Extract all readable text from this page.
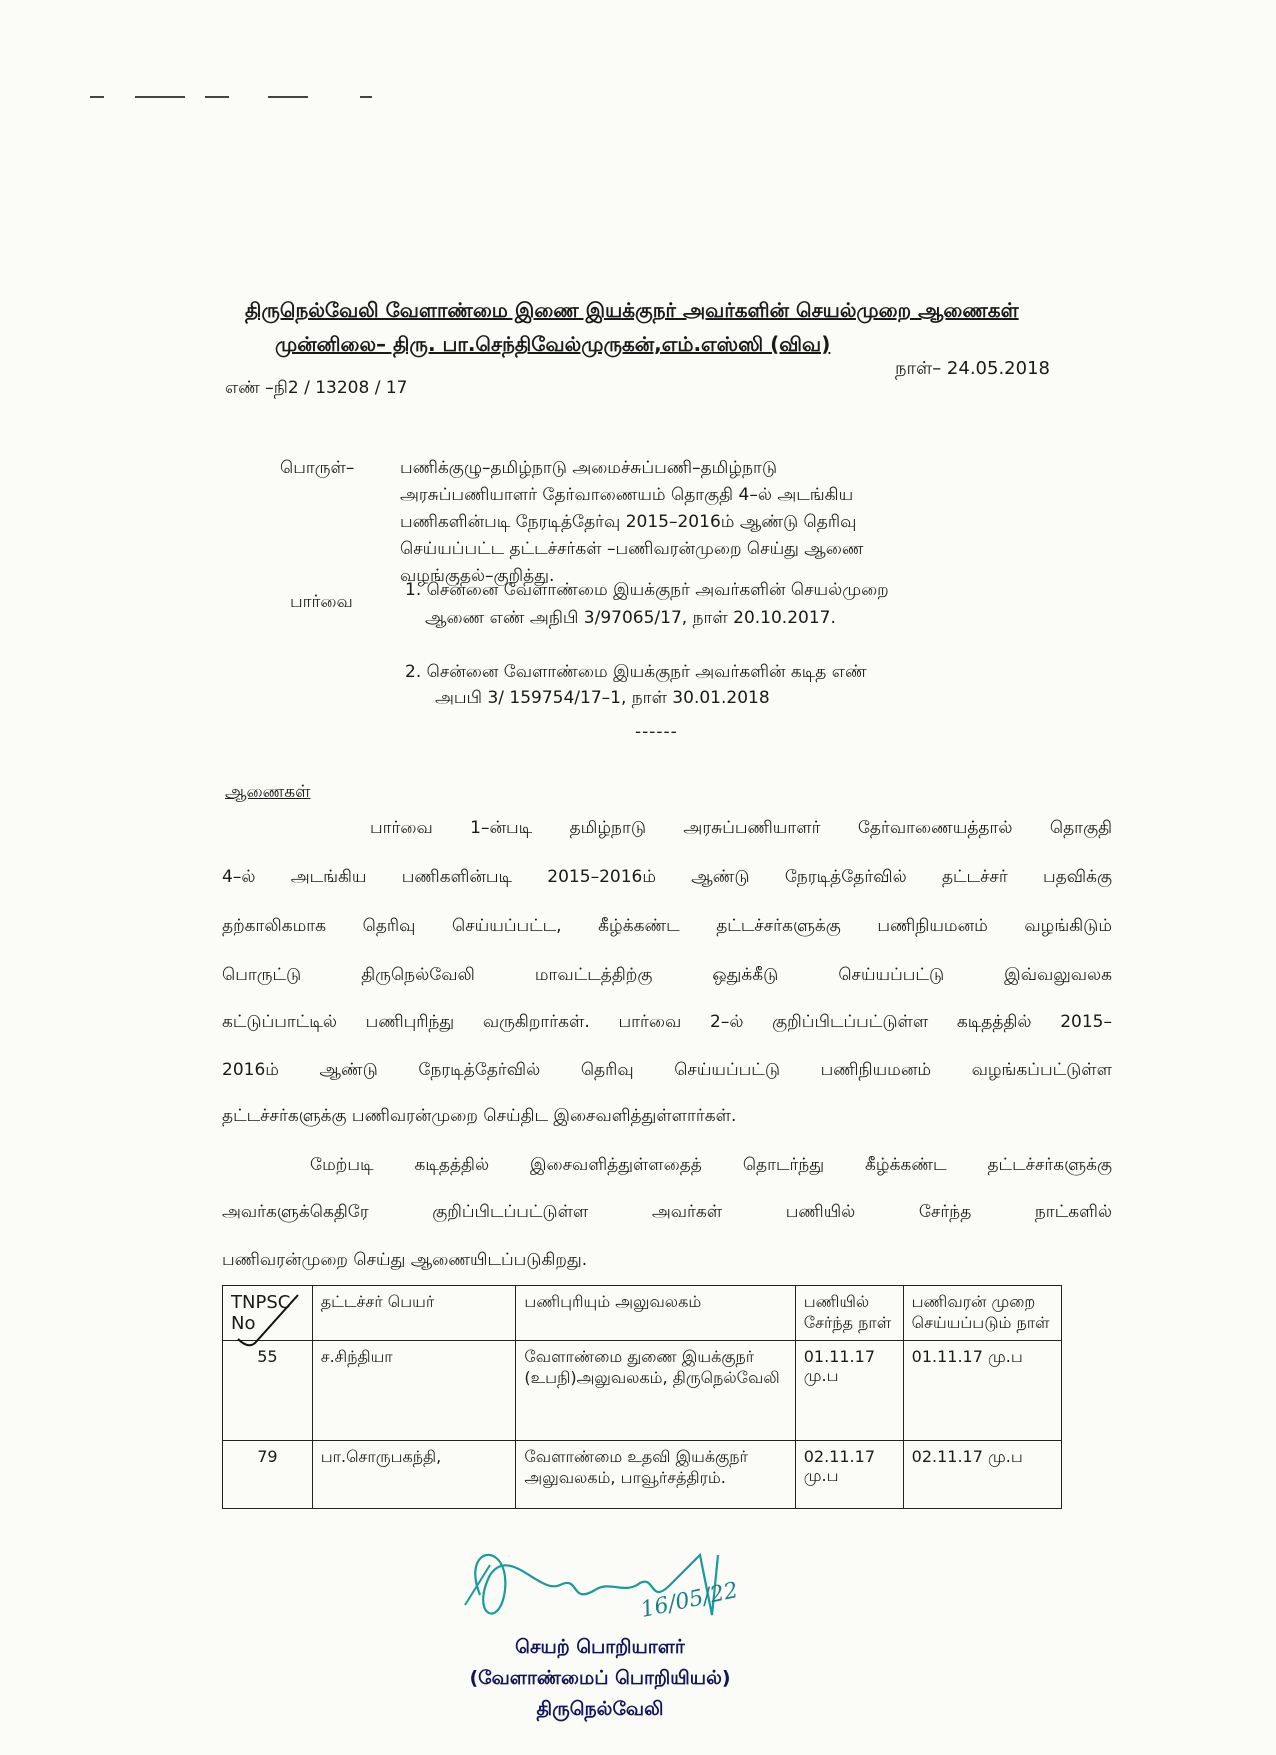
திருநெல்வேலி வேளாண்மை இணை இயக்குநர் அவர்களின் செயல்முறை ஆணைகள்
முன்னிலை– திரு. பா.செந்திவேல்முருகன்,எம்.எஸ்ஸி (விவ)
எண் –நி2 / 13208 / 17
நாள்– 24.05.2018
பொருள்–	பணிக்குழு–தமிழ்நாடு அமைச்சுப்பணி–தமிழ்நாடு
அரசுப்பணியாளர் தேர்வாணையம் தொகுதி 4–ல் அடங்கிய
பணிகளின்படி நேரடித்தேர்வு 2015–2016ம் ஆண்டு தெரிவு
செய்யப்பட்ட தட்டச்சர்கள் –பணிவரன்முறை செய்து ஆணை
வழங்குதல்–குறித்து.
பார்வை
1. சென்னை வேளாண்மை இயக்குநர் அவர்களின் செயல்முறை
ஆணை எண் அநிபி 3/97065/17, நாள் 20.10.2017.
2. சென்னை வேளாண்மை இயக்குநர் அவர்களின் கடித எண்
அபபி 3/ 159754/17–1, நாள் 30.01.2018
------
ஆணைகள்
பார்வை 1–ன்படி தமிழ்நாடு அரசுப்பணியாளர் தேர்வாணையத்தால் தொகுதி
4–ல் அடங்கிய பணிகளின்படி 2015–2016ம் ஆண்டு நேரடித்தேர்வில் தட்டச்சர் பதவிக்கு
தற்காலிகமாக தெரிவு செய்யப்பட்ட, கீழ்க்கண்ட தட்டச்சர்களுக்கு பணிநியமனம் வழங்கிடும்
பொருட்டு திருநெல்வேலி மாவட்டத்திற்கு ஒதுக்கீடு செய்யப்பட்டு இவ்வலுவலக
கட்டுப்பாட்டில் பணிபுரிந்து வருகிறார்கள். பார்வை 2–ல் குறிப்பிடப்பட்டுள்ள கடிதத்தில் 2015–
2016ம் ஆண்டு நேரடித்தேர்வில் தெரிவு செய்யப்பட்டு பணிநியமனம் வழங்கப்பட்டுள்ள
தட்டச்சர்களுக்கு பணிவரன்முறை செய்திட இசைவளித்துள்ளார்கள்.
மேற்படி கடிதத்தில் இசைவளித்துள்ளதைத் தொடர்ந்து கீழ்க்கண்ட தட்டச்சர்களுக்கு
அவர்களுக்கெதிரே குறிப்பிடப்பட்டுள்ள அவர்கள் பணியில் சேர்ந்த நாட்களில்
பணிவரன்முறை செய்து ஆணையிடப்படுகிறது.
TNPSC No	தட்டச்சர் பெயர்	பணிபுரியும் அலுவலகம்	பணியில் சேர்ந்த நாள்	பணிவரன் முறை செய்யப்படும் நாள்
55	ச.சிந்தியா	வேளாண்மை துணை இயக்குநர் (உபநி)அலுவலகம், திருநெல்வேலி	01.11.17 மு.ப	01.11.17 மு.ப
79	பா.சொருபகந்தி,	வேளாண்மை உதவி இயக்குநர் அலுவலகம், பாவூர்சத்திரம்.	02.11.17 மு.ப	02.11.17 மு.ப
16/05/22
செயற் பொறியாளர்
(வேளாண்மைப் பொறியியல்)
திருநெல்வேலி
